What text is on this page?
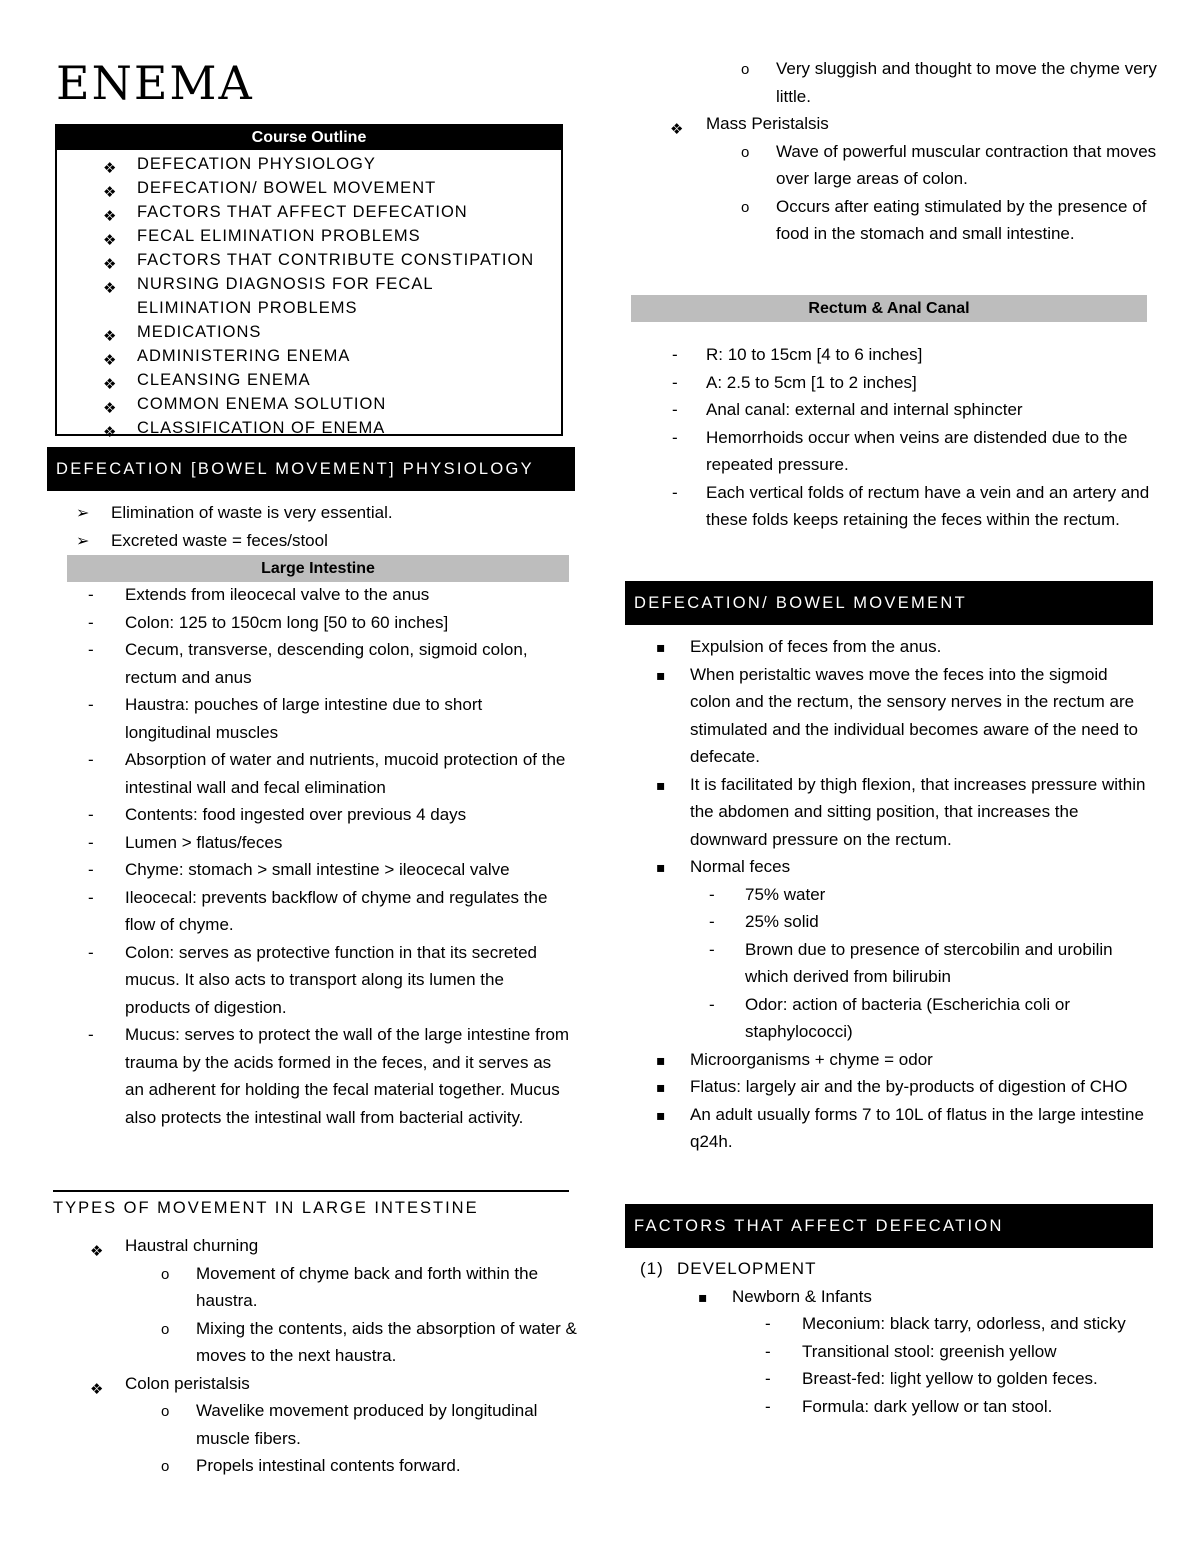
ENEMA
Course Outline
❖
DEFECATION PHYSIOLOGY
❖
DEFECATION/ BOWEL MOVEMENT
❖
FACTORS THAT AFFECT DEFECATION
❖
FECAL ELIMINATION PROBLEMS
❖
FACTORS THAT CONTRIBUTE CONSTIPATION
❖
NURSING DIAGNOSIS FOR FECAL ELIMINATION PROBLEMS
❖
MEDICATIONS
❖
ADMINISTERING ENEMA
❖
CLEANSING ENEMA
❖
COMMON ENEMA SOLUTION
❖
CLASSIFICATION OF ENEMA
DEFECATION [BOWEL MOVEMENT] PHYSIOLOGY
➢
Elimination of waste is very essential.
➢
Excreted waste = feces/stool
Large Intestine
-
Extends from ileocecal valve to the anus
-
Colon: 125 to 150cm long [50 to 60 inches]
-
Cecum, transverse, descending colon, sigmoid colon, rectum and anus
-
Haustra: pouches of large intestine due to short longitudinal muscles
-
Absorption of water and nutrients, mucoid protection of the intestinal wall and fecal elimination
-
Contents: food ingested over previous 4 days
-
Lumen > flatus/feces
-
Chyme: stomach > small intestine > ileocecal valve
-
Ileocecal: prevents backflow of chyme and regulates the flow of chyme.
-
Colon: serves as protective function in that its secreted mucus. It also acts to transport along its lumen the products of digestion.
-
Mucus: serves to protect the wall of the large intestine from trauma by the acids formed in the feces, and it serves as an adherent for holding the fecal material together. Mucus also protects the intestinal wall from bacterial activity.
TYPES OF MOVEMENT IN LARGE INTESTINE
❖
Haustral churning
o
Movement of chyme back and forth within the haustra.
o
Mixing the contents, aids the absorption of water & moves to the next haustra.
❖
Colon peristalsis
o
Wavelike movement produced by longitudinal muscle fibers.
o
Propels intestinal contents forward.
o
Very sluggish and thought to move the chyme very little.
❖
Mass Peristalsis
o
Wave of powerful muscular contraction that moves over large areas of colon.
o
Occurs after eating stimulated by the presence of food in the stomach and small intestine.
Rectum & Anal Canal
-
R: 10 to 15cm [4 to 6 inches]
-
A: 2.5 to 5cm [1 to 2 inches]
-
Anal canal: external and internal sphincter
-
Hemorrhoids occur when veins are distended due to the repeated pressure.
-
Each vertical folds of rectum have a vein and an artery and these folds keeps retaining the feces within the rectum.
DEFECATION/ BOWEL MOVEMENT
▪
Expulsion of feces from the anus.
▪
When peristaltic waves move the feces into the sigmoid colon and the rectum, the sensory nerves in the rectum are stimulated and the individual becomes aware of the need to defecate.
▪
It is facilitated by thigh flexion, that increases pressure within the abdomen and sitting position, that increases the downward pressure on the rectum.
▪
Normal feces
-
75% water
-
25% solid
-
Brown due to presence of stercobilin and urobilin which derived from bilirubin
-
Odor: action of bacteria (Escherichia coli or staphylococci)
▪
Microorganisms + chyme = odor
▪
Flatus: largely air and the by-products of digestion of CHO
▪
An adult usually forms 7 to 10L of flatus in the large intestine q24h.
FACTORS THAT AFFECT DEFECATION
(1) DEVELOPMENT
▪
Newborn & Infants
-
Meconium: black tarry, odorless, and sticky
-
Transitional stool: greenish yellow
-
Breast-fed: light yellow to golden feces.
-
Formula: dark yellow or tan stool.
